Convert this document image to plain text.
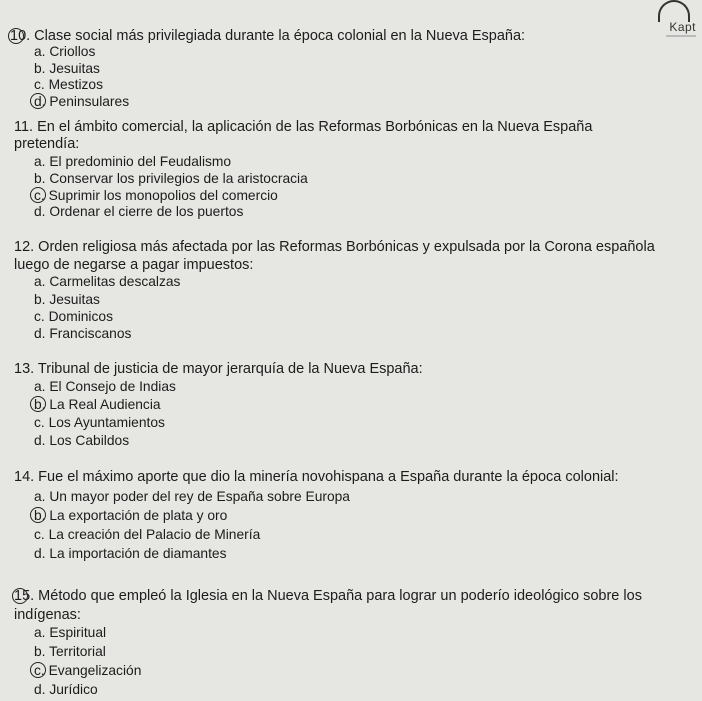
Kapt
10. Clase social más privilegiada durante la época colonial en la Nueva España:
a. Criollos
b. Jesuitas
c. Mestizos
d. Peninsulares
11. En el ámbito comercial, la aplicación de las Reformas Borbónicas en la Nueva España
pretendía:
a. El predominio del Feudalismo
b. Conservar los privilegios de la aristocracia
c. Suprimir los monopolios del comercio
d. Ordenar el cierre de los puertos
12. Orden religiosa más afectada por las Reformas Borbónicas y expulsada por la Corona española
luego de negarse a pagar impuestos:
a. Carmelitas descalzas
b. Jesuitas
c. Dominicos
d. Franciscanos
13. Tribunal de justicia de mayor jerarquía de la Nueva España:
a. El Consejo de Indias
b. La Real Audiencia
c. Los Ayuntamientos
d. Los Cabildos
14. Fue el máximo aporte que dio la minería novohispana a España durante la época colonial:
a. Un mayor poder del rey de España sobre Europa
b. La exportación de plata y oro
c. La creación del Palacio de Minería
d. La importación de diamantes
15. Método que empleó la Iglesia en la Nueva España para lograr un poderío ideológico sobre los
indígenas:
a. Espiritual
b. Territorial
c. Evangelización
d. Jurídico
